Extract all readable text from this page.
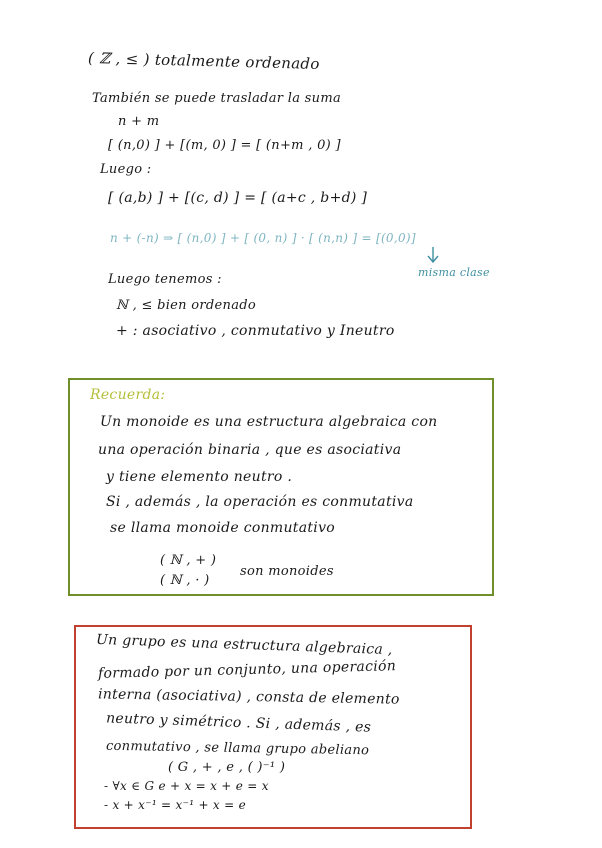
( ℤ , ≤ ) totalmente ordenado
También se puede trasladar la suma
n + m
[ (n,0) ] + [(m, 0) ] = [ (n+m , 0) ]
Luego :
[ (a,b) ] + [(c, d) ] = [ (a+c , b+d) ]
n + (-n) ⇒ [ (n,0) ] + [ (0, n) ] · [ (n,n) ] = [(0,0)]
misma clase
Luego tenemos :
ℕ , ≤ bien ordenado
+ : asociativo , conmutativo y Ineutro
Recuerda:
Un monoide es una estructura algebraica con
una operación binaria , que es asociativa
y tiene elemento neutro .
Si , además , la operación es conmutativa
se llama monoide conmutativo
( ℕ , + )
( ℕ , · )
son monoides
Un grupo es una estructura algebraica ,
formado por un conjunto, una operación
interna (asociativa) , consta de elemento
neutro y simétrico . Si , además , es
conmutativo , se llama grupo abeliano
( G , + , e , ( )⁻¹ )
- ∀x ∈ G e + x = x + e = x
- x + x⁻¹ = x⁻¹ + x = e
